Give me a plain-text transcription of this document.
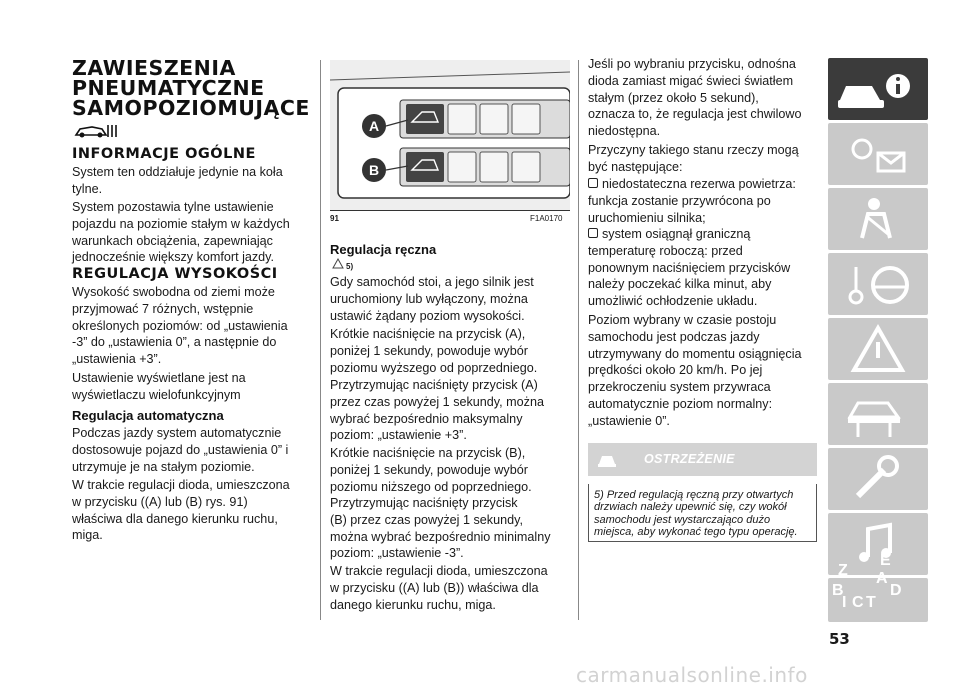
ZAWIESZENIA
PNEUMATYCZNE
SAMOPOZIOMUJĄCE
INFORMACJE OGÓLNE
System ten oddziałuje jedynie na koła
tylne.
System pozostawia tylne ustawienie
pojazdu na poziomie stałym w każdych
warunkach obciążenia, zapewniając
jednocześnie większy komfort jazdy.
REGULACJA WYSOKOŚCI
Wysokość swobodna od ziemi może
przyjmować 7 różnych, wstępnie
określonych poziomów: od „ustawienia
-3” do „ustawienia 0”, a następnie do
„ustawienia +3”.
Ustawienie wyświetlane jest na
wyświetlaczu wielofunkcyjnym
Regulacja automatyczna
Podczas jazdy system automatycznie
dostosowuje pojazd do „ustawienia 0” i
utrzymuje je na stałym poziomie.
W trakcie regulacji dioda, umieszczona
w przycisku ((A) lub (B) rys. 91)
właściwa dla danego kierunku ruchu,
miga.
A
B
91	F1A0170
Regulacja ręczna
5)
Gdy samochód stoi, a jego silnik jest
uruchomiony lub wyłączony, można
ustawić żądany poziom wysokości.
Krótkie naciśnięcie na przycisk (A),
poniżej 1 sekundy, powoduje wybór
poziomu wyższego od poprzedniego.
Przytrzymując naciśnięty przycisk (A)
przez czas powyżej 1 sekundy, można
wybrać bezpośrednio maksymalny
poziom: „ustawienie +3”.
Krótkie naciśnięcie na przycisk (B),
poniżej 1 sekundy, powoduje wybór
poziomu niższego od poprzedniego.
Przytrzymując naciśnięty przycisk
(B) przez czas powyżej 1 sekundy,
można wybrać bezpośrednio minimalny
poziom: „ustawienie -3”.
W trakcie regulacji dioda, umieszczona
w przycisku ((A) lub (B)) właściwa dla
danego kierunku ruchu, miga.
Jeśli po wybraniu przycisku, odnośna
dioda zamiast migać świeci światłem
stałym (przez około 5 sekund),
oznacza to, że regulacja jest chwilowo
niedostępna.
Przyczyny takiego stanu rzeczy mogą
być następujące:
niedostateczna rezerwa powietrza:
funkcja zostanie przywrócona po
uruchomieniu silnika;
system osiągnął graniczną
temperaturę roboczą: przed
ponownym naciśnięciem przycisków
należy poczekać kilka minut, aby
umożliwić ochłodzenie układu.
Poziom wybrany w czasie postoju
samochodu jest podczas jazdy
utrzymywany do momentu osiągnięcia
prędkości około 20 km/h. Po jej
przekroczeniu system przywraca
automatycznie poziom normalny:
„ustawienie 0”.
OSTRZEŻENIE
5) Przed regulacją ręczną przy otwartych
drzwiach należy upewnić się, czy wokół
samochodu jest wystarczająco dużo
miejsca, aby wykonać tego typu operację.
Z
E
B
A
C T
D
I
53
carmanualsonline.info
